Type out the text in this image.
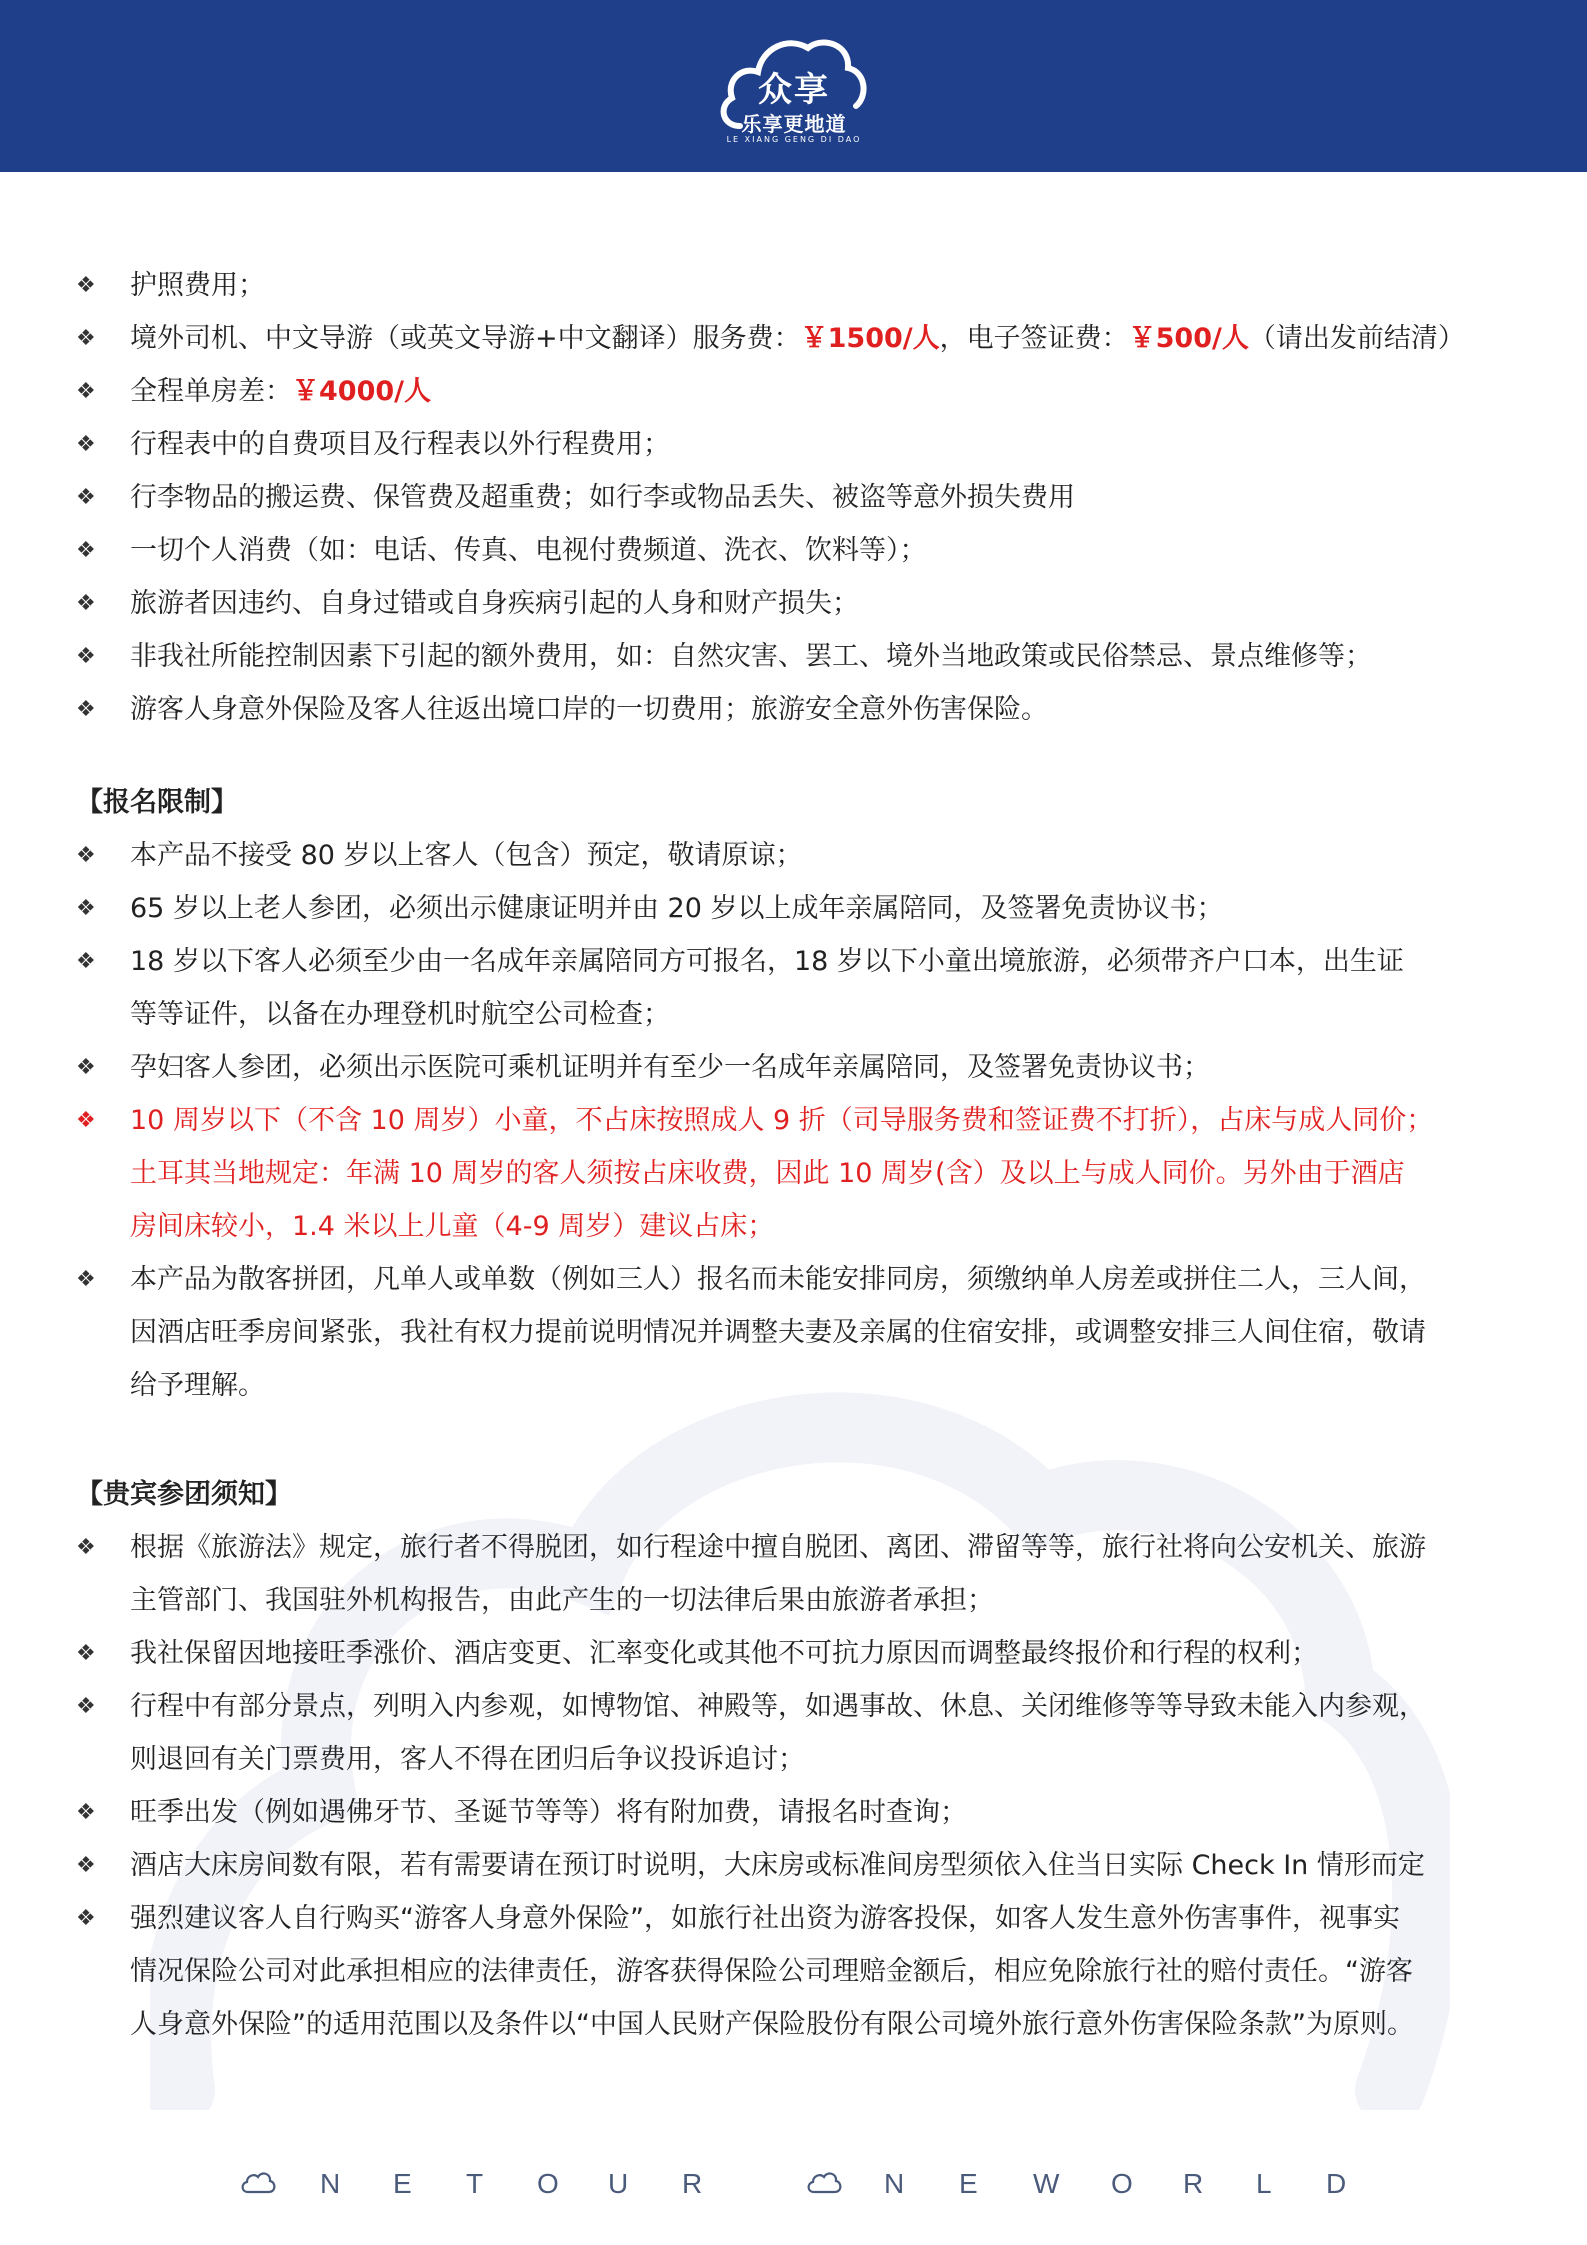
众享
乐享更地道
LE XIANG GENG DI DAO
❖	护照费用；
❖	境外司机、中文导游（或英文导游+中文翻译）服务费：￥1500/人，电子签证费：￥500/人（请出发前结清）
❖	全程单房差：￥4000/人
❖	行程表中的自费项目及行程表以外行程费用；
❖	行李物品的搬运费、保管费及超重费；如行李或物品丢失、被盗等意外损失费用
❖	一切个人消费（如：电话、传真、电视付费频道、洗衣、饮料等）；
❖	旅游者因违约、自身过错或自身疾病引起的人身和财产损失；
❖	非我社所能控制因素下引起的额外费用，如：自然灾害、罢工、境外当地政策或民俗禁忌、景点维修等；
❖	游客人身意外保险及客人往返出境口岸的一切费用；旅游安全意外伤害保险。
【报名限制】
❖	本产品不接受 80 岁以上客人（包含）预定，敬请原谅；
❖	65 岁以上老人参团，必须出示健康证明并由 20 岁以上成年亲属陪同，及签署免责协议书；
❖	18 岁以下客人必须至少由一名成年亲属陪同方可报名，18 岁以下小童出境旅游，必须带齐户口本，出生证
等等证件，以备在办理登机时航空公司检查；
❖	孕妇客人参团，必须出示医院可乘机证明并有至少一名成年亲属陪同，及签署免责协议书；
❖	10 周岁以下（不含 10 周岁）小童，不占床按照成人 9 折（司导服务费和签证费不打折），占床与成人同价；
土耳其当地规定：年满 10 周岁的客人须按占床收费，因此 10 周岁(含）及以上与成人同价。另外由于酒店
房间床较小，1.4 米以上儿童（4-9 周岁）建议占床；
❖	本产品为散客拼团，凡单人或单数（例如三人）报名而未能安排同房，须缴纳单人房差或拼住二人，三人间，
因酒店旺季房间紧张，我社有权力提前说明情况并调整夫妻及亲属的住宿安排，或调整安排三人间住宿，敬请
给予理解。
【贵宾参团须知】
❖	根据《旅游法》规定，旅行者不得脱团，如行程途中擅自脱团、离团、滞留等等，旅行社将向公安机关、旅游
主管部门、我国驻外机构报告，由此产生的一切法律后果由旅游者承担；
❖	我社保留因地接旺季涨价、酒店变更、汇率变化或其他不可抗力原因而调整最终报价和行程的权利；
❖	行程中有部分景点，列明入内参观，如博物馆、神殿等，如遇事故、休息、关闭维修等等导致未能入内参观，
则退回有关门票费用，客人不得在团归后争议投诉追讨；
❖	旺季出发（例如遇佛牙节、圣诞节等等）将有附加费，请报名时查询；
❖	酒店大床房间数有限，若有需要请在预订时说明，大床房或标准间房型须依入住当日实际 Check In 情形而定
❖	强烈建议客人自行购买“游客人身意外保险”，如旅行社出资为游客投保，如客人发生意外伤害事件，视事实
情况保险公司对此承担相应的法律责任，游客获得保险公司理赔金额后，相应免除旅行社的赔付责任。“游客
人身意外保险”的适用范围以及条件以“中国人民财产保险股份有限公司境外旅行意外伤害保险条款”为原则。
N E T O U R	N E W O R L D
